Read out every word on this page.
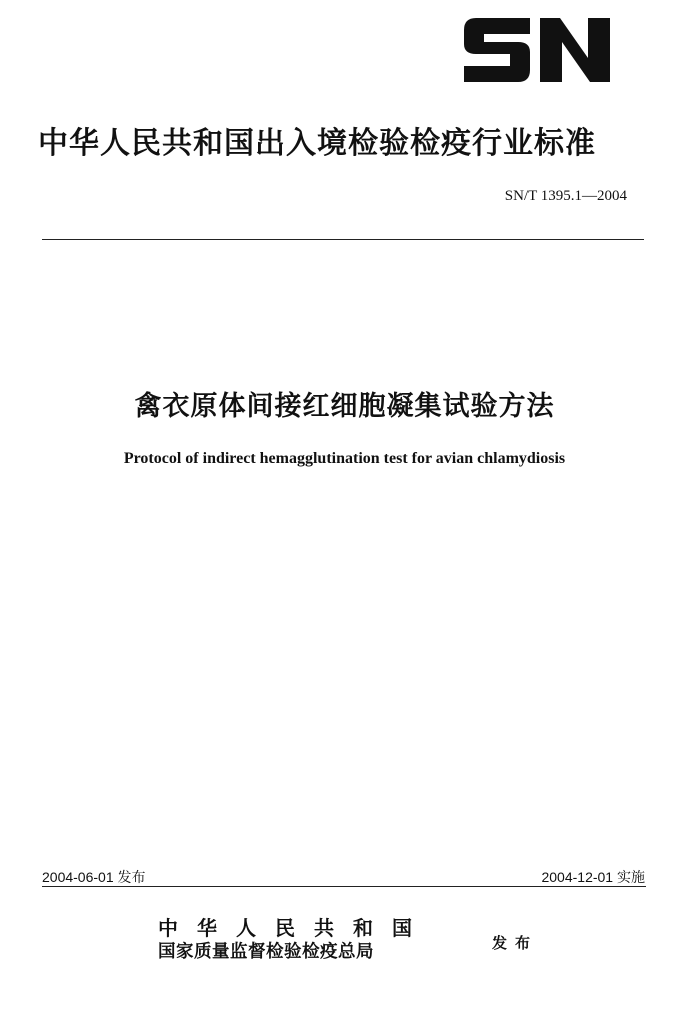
中华人民共和国出入境检验检疫行业标准
SN/T 1395.1—2004
禽衣原体间接红细胞凝集试验方法
Protocol of indirect hemagglutination test for avian chlamydiosis
2004-06-01 发布	2004-12-01 实施
中华人民共和国
国家质量监督检验检疫总局	发布
